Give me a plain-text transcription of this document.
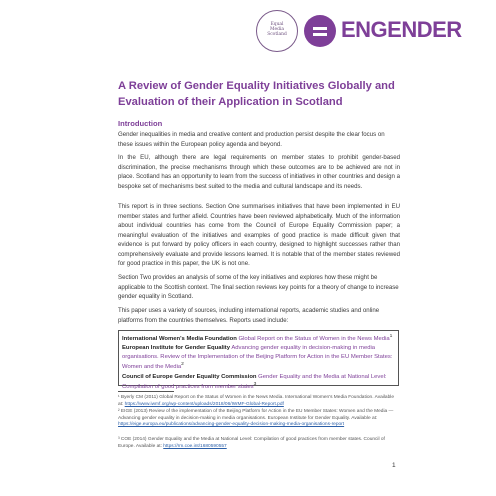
Equal
Media
Scotland	ENGENDER
A Review of Gender Equality Initiatives Globally and Evaluation of their Application in Scotland
Introduction

Gender inequalities in media and creative content and production persist despite the clear focus on these issues within the European policy agenda and beyond.

In the EU, although there are legal requirements on member states to prohibit gender-based discrimination, the precise mechanisms through which these outcomes are to be achieved are not in place. Scotland has an opportunity to learn from the success of initiatives in other countries and design a bespoke set of mechanisms best suited to the media and cultural landscape and its needs.

This report is in three sections. Section One summarises initiatives that have been implemented in EU member states and further afield. Countries have been reviewed alphabetically. Much of the information about individual countries has come from the Council of Europe Equality Commission paper; a meaningful evaluation of the initiatives and examples of good practice is made difficult given that evidence is put forward by policy officers in each country, designed to highlight successes rather than comprehensively evaluate and provide lessons learned. It is notable that of the member states reviewed for good practice in this paper, the UK is not one.

Section Two provides an analysis of some of the key initiatives and explores how these might be applicable to the Scottish context. The final section reviews key points for a theory of change to increase gender equality in Scotland.

This paper uses a variety of sources, including international reports, academic studies and online platforms from the countries themselves. Reports used include:

International Women's Media Foundation Global Report on the Status of Women in the News Media$^1$
European Institute for Gender Equality Advancing gender equality in decision-making in media organisations. Review of the Implementation of the Beijing Platform for Action in the EU Member States: Women and the Media$^2$
Council of Europe Gender Equality Commission Gender Equality and the Media at National Level: Compilation of good practices from member states$^3$

¹ Byerly CM (2011) Global Report on the Status of Women in the News Media. International Women's Media Foundation. Available at: https://www.iwmf.org/wp-content/uploads/2018/06/IWMF-Global-Report.pdf

² EIGE (2013) Review of the implementation of the Beijing Platform for Action in the EU Member States: Women and the Media — Advancing gender equality in decision-making in media organisations. European Institute for Gender Equality. Available at: https://eige.europa.eu/publications/advancing-gender-equality-decision-making-media-organisations-report

³ COE (2014) Gender Equality and the Media at National Level: Compilation of good practices from member states. Council of Europe. Available at: https://rm.coe.int/1680590557

1
